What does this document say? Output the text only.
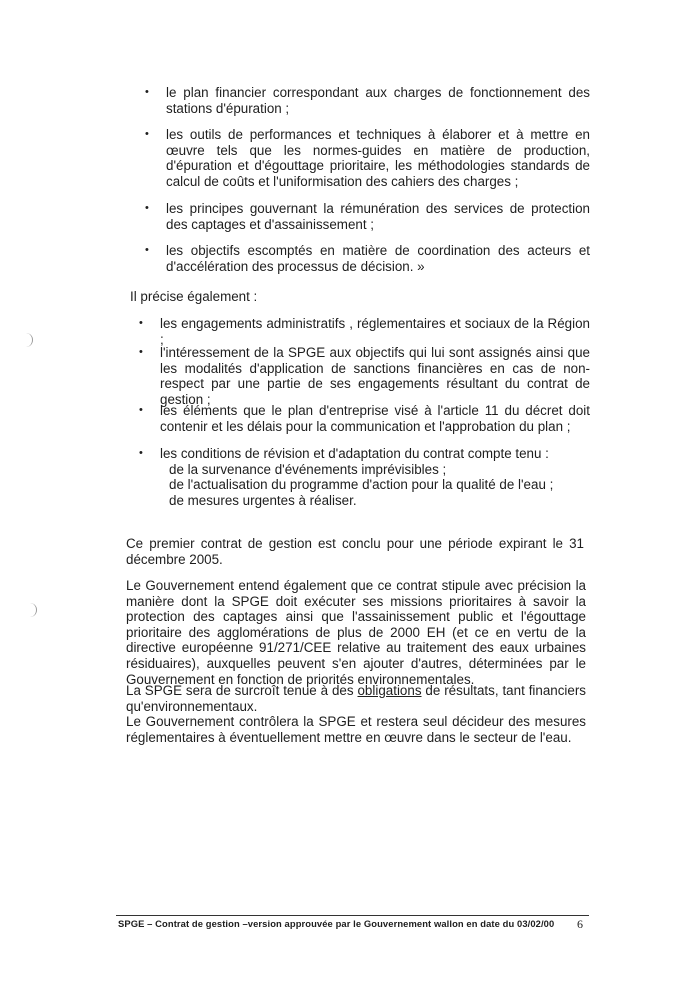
• le plan financier correspondant aux charges de fonctionnement des stations d'épuration ;
• les outils de performances et techniques à élaborer et à mettre en œuvre tels que les normes-guides en matière de production, d'épuration et d'égouttage prioritaire, les méthodologies standards de calcul de coûts et l'uniformisation des cahiers des charges ;
• les principes gouvernant la rémunération des services de protection des captages et d'assainissement ;
• les objectifs escomptés en matière de coordination des acteurs et d'accélération des processus de décision. »
Il précise également :
• les engagements administratifs , réglementaires et sociaux de la Région ;
• l'intéressement de la SPGE aux objectifs qui lui sont assignés ainsi que les modalités d'application de sanctions financières en cas de non-respect par une partie de ses engagements résultant du contrat de gestion ;
• les éléments que le plan d'entreprise visé à l'article 11 du décret doit contenir et les délais pour la communication et l'approbation du plan ;
• les conditions de révision et d'adaptation du contrat compte tenu :
de la survenance d'événements imprévisibles ;
de l'actualisation du programme d'action pour la qualité de l'eau ;
de mesures urgentes à réaliser.
Ce premier contrat de gestion est conclu pour une période expirant le 31 décembre 2005.
Le Gouvernement entend également que ce contrat stipule avec précision la manière dont la SPGE doit exécuter ses missions prioritaires à savoir la protection des captages ainsi que l'assainissement public et l'égouttage prioritaire des agglomérations de plus de 2000 EH (et ce en vertu de la directive européenne 91/271/CEE relative au traitement des eaux urbaines résiduaires), auxquelles peuvent s'en ajouter d'autres, déterminées par le Gouvernement en fonction de priorités environnementales.
La SPGE sera de surcroît tenue à des obligations de résultats, tant financiers qu'environnementaux.
Le Gouvernement contrôlera la SPGE et restera seul décideur des mesures réglementaires à éventuellement mettre en œuvre dans le secteur de l'eau.
SPGE – Contrat de gestion –version approuvée par le Gouvernement wallon en date du 03/02/00 6
